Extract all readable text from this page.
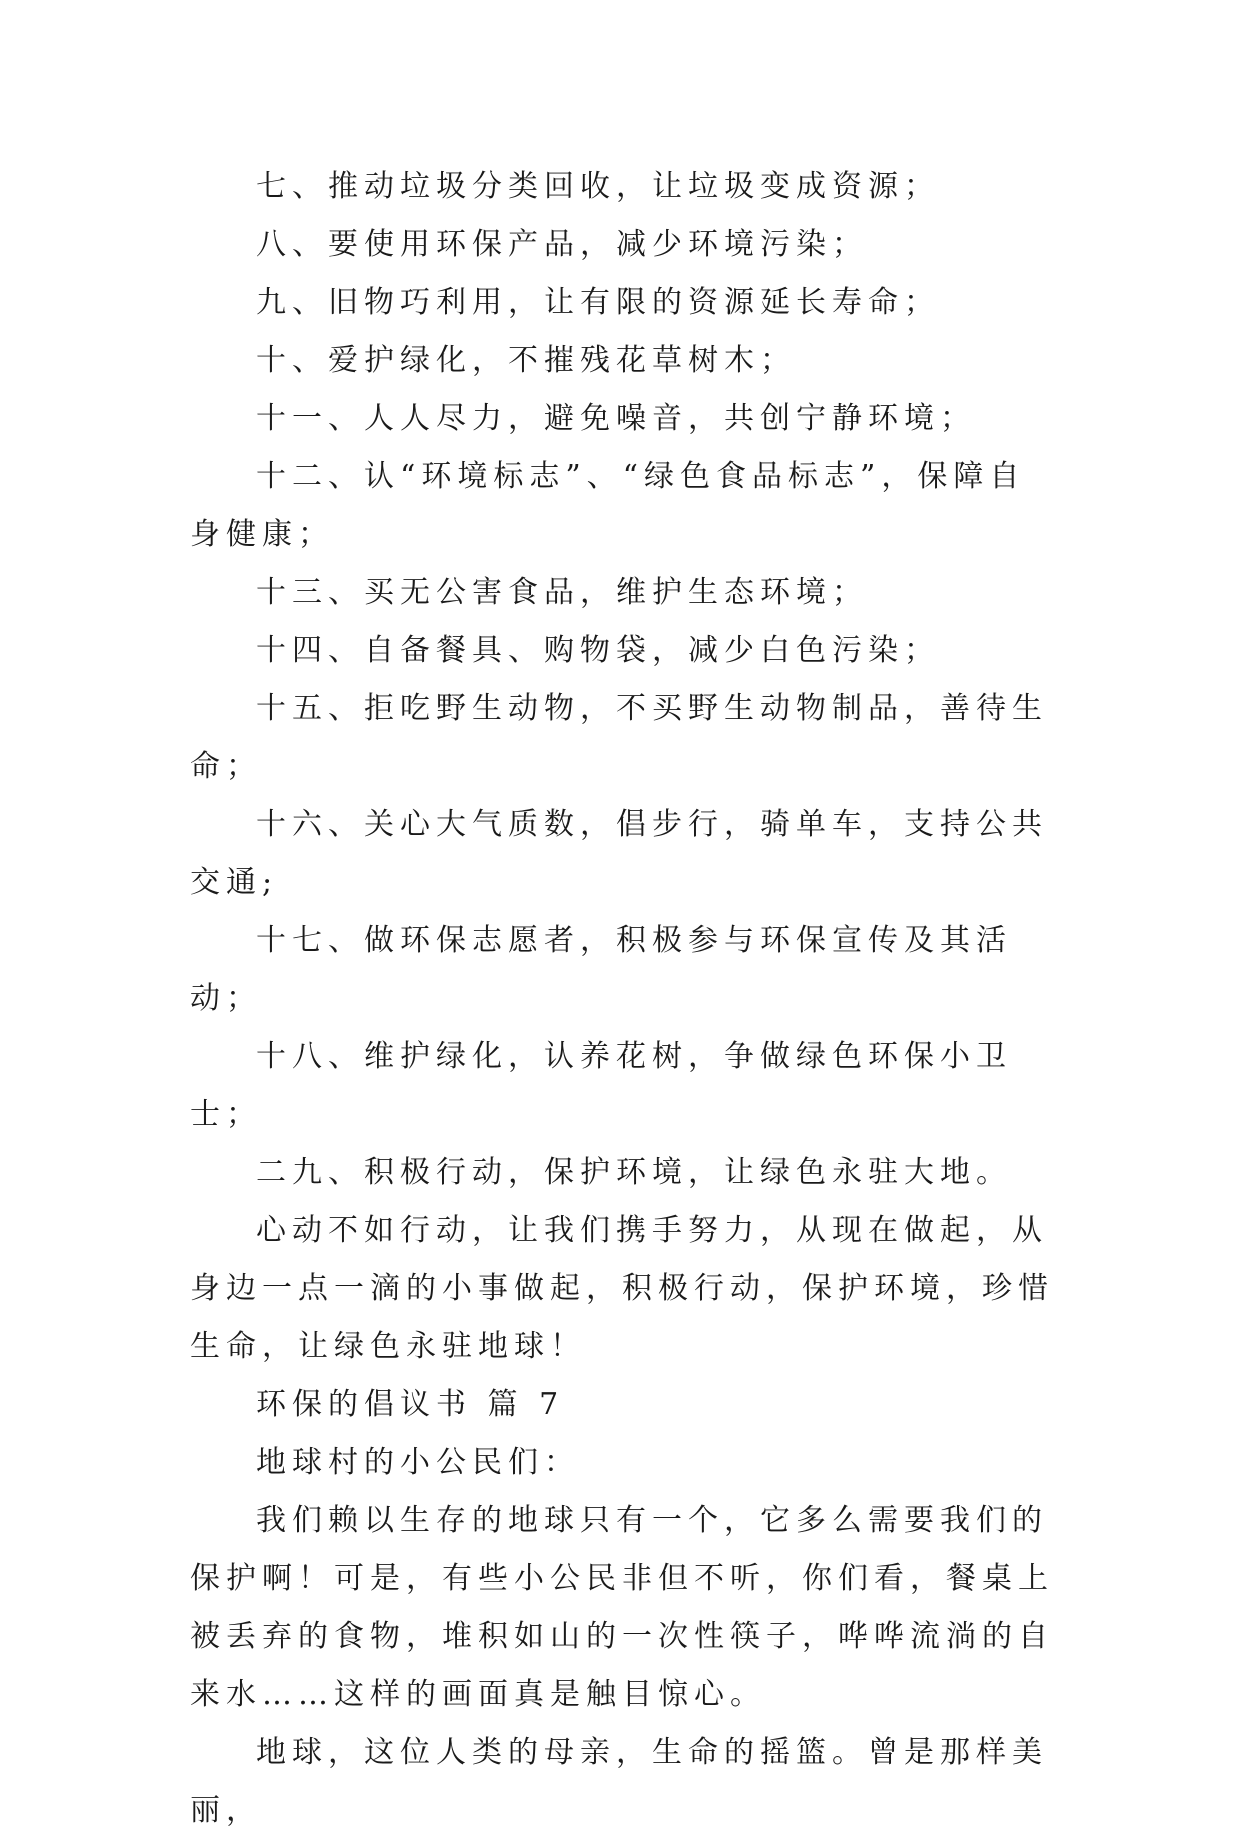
七、推动垃圾分类回收，让垃圾变成资源；

八、要使用环保产品，减少环境污染；

九、旧物巧利用，让有限的资源延长寿命；

十、爱护绿化，不摧残花草树木；

十一、人人尽力，避免噪音，共创宁静环境；

十二、认“环境标志”、“绿色食品标志”，保障自身健康；

十三、买无公害食品，维护生态环境；

十四、自备餐具、购物袋，减少白色污染；

十五、拒吃野生动物，不买野生动物制品，善待生命；

十六、关心大气质数，倡步行，骑单车，支持公共交通;

十七、做环保志愿者，积极参与环保宣传及其活动；

十八、维护绿化，认养花树，争做绿色环保小卫士；

二九、积极行动，保护环境，让绿色永驻大地。

心动不如行动，让我们携手努力，从现在做起，从身边一点一滴的小事做起，积极行动，保护环境，珍惜生命，让绿色永驻地球！

环保的倡议书 篇 7

地球村的小公民们：

我们赖以生存的地球只有一个，它多么需要我们的保护啊！可是，有些小公民非但不听，你们看，餐桌上被丢弃的食物，堆积如山的一次性筷子，哗哗流淌的自来水……这样的画面真是触目惊心。

地球，这位人类的母亲，生命的摇篮。曾是那样美丽，
